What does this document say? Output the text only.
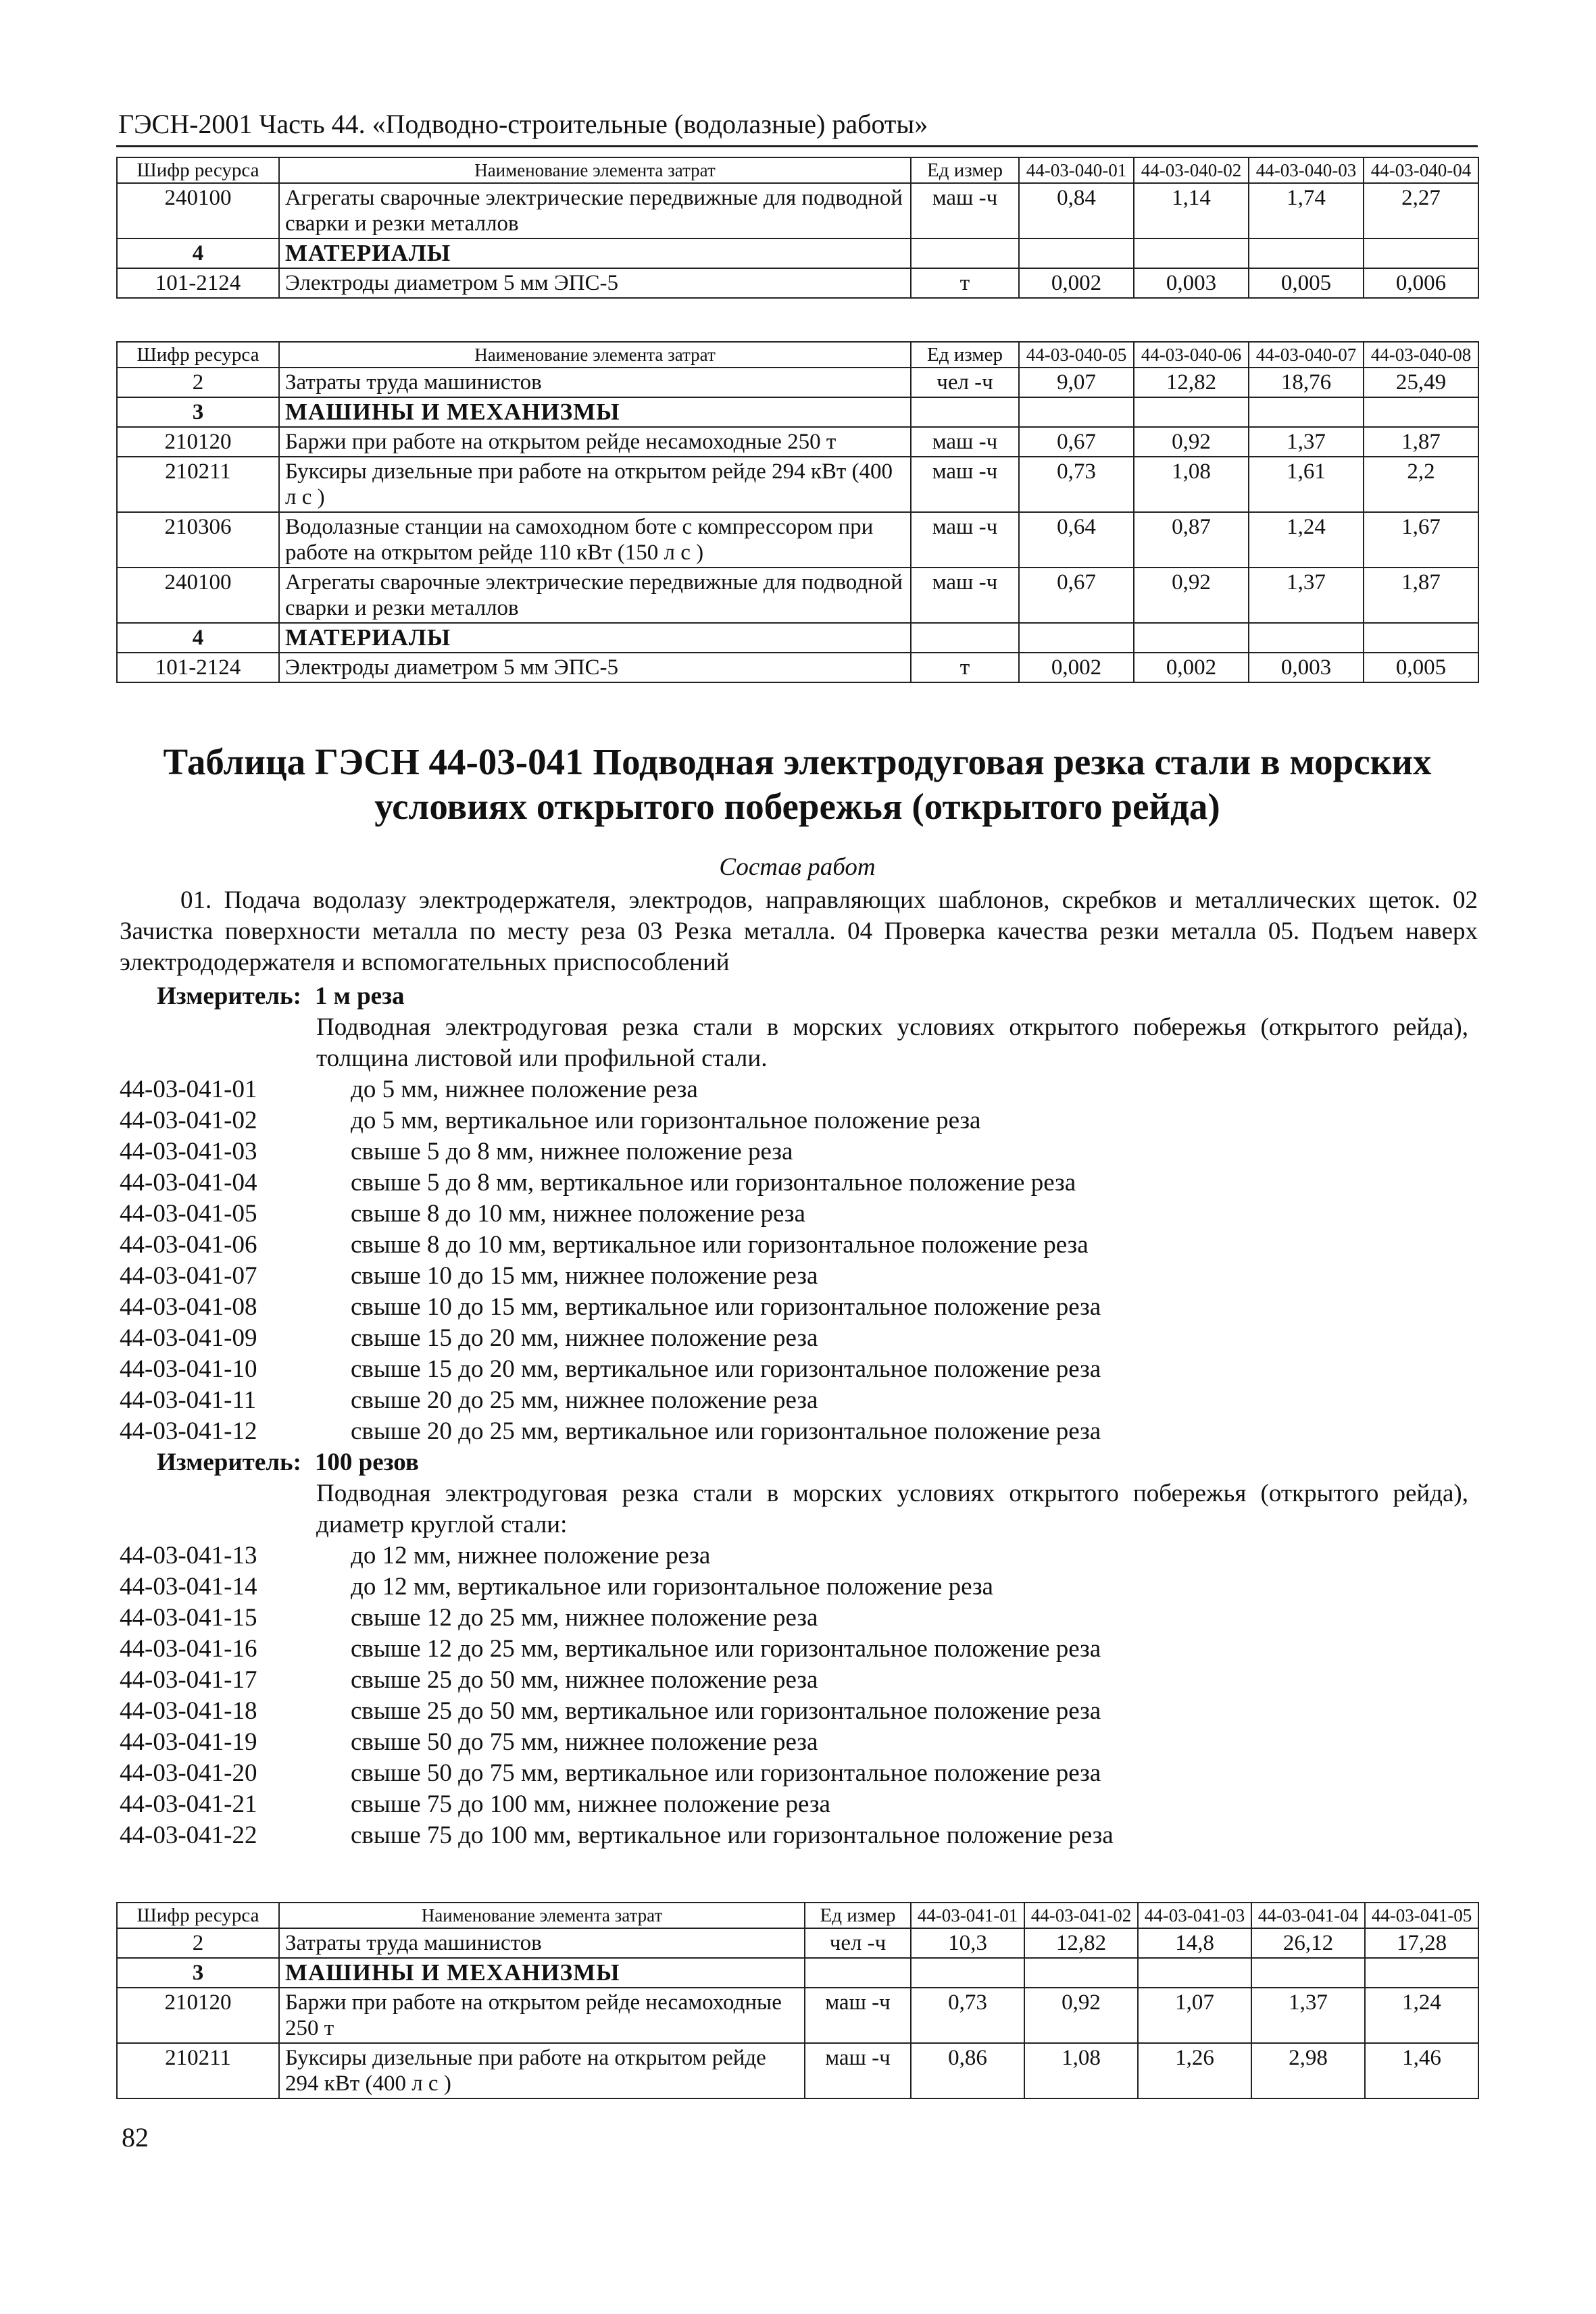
ГЭСН-2001 Часть 44. «Подводно-строительные (водолазные) работы»
Шифр ресурса	Наименование элемента затрат	Ед измер	44-03-040-01	44-03-040-02	44-03-040-03	44-03-040-04
240100	Агрегаты сварочные электрические передвижные для подводной сварки и резки металлов	маш -ч	0,84	1,14	1,74	2,27
4	МАТЕРИАЛЫ					
101-2124	Электроды диаметром 5 мм ЭПС-5	т	0,002	0,003	0,005	0,006
Шифр ресурса	Наименование элемента затрат	Ед измер	44-03-040-05	44-03-040-06	44-03-040-07	44-03-040-08
2	Затраты труда машинистов	чел -ч	9,07	12,82	18,76	25,49
3	МАШИНЫ И МЕХАНИЗМЫ					
210120	Баржи при работе на открытом рейде несамоходные 250 т	маш -ч	0,67	0,92	1,37	1,87
210211	Буксиры дизельные при работе на открытом рейде 294 кВт (400 л с )	маш -ч	0,73	1,08	1,61	2,2
210306	Водолазные станции на самоходном боте с компрессором при работе на открытом рейде 110 кВт (150 л с )	маш -ч	0,64	0,87	1,24	1,67
240100	Агрегаты сварочные электрические передвижные для подводной сварки и резки металлов	маш -ч	0,67	0,92	1,37	1,87
4	МАТЕРИАЛЫ					
101-2124	Электроды диаметром 5 мм ЭПС-5	т	0,002	0,002	0,003	0,005
Таблица ГЭСН 44-03-041 Подводная электродуговая резка стали в морских условиях открытого побережья (открытого рейда)
Состав работ
01. Подача водолазу электродержателя, электродов, направляющих шаблонов, скребков и металлических щеток. 02 Зачистка поверхности металла по месту реза 03 Резка металла. 04 Проверка качества резки металла 05. Подъем наверх электрододержателя и вспомогательных приспособлений
Измеритель: 1 м реза
Подводная электродуговая резка стали в морских условиях открытого побережья (открытого рейда), толщина листовой или профильной стали.
44-03-041-01	до 5 мм, нижнее положение реза
44-03-041-02	до 5 мм, вертикальное или горизонтальное положение реза
44-03-041-03	свыше 5 до 8 мм, нижнее положение реза
44-03-041-04	свыше 5 до 8 мм, вертикальное или горизонтальное положение реза
44-03-041-05	свыше 8 до 10 мм, нижнее положение реза
44-03-041-06	свыше 8 до 10 мм, вертикальное или горизонтальное положение реза
44-03-041-07	свыше 10 до 15 мм, нижнее положение реза
44-03-041-08	свыше 10 до 15 мм, вертикальное или горизонтальное положение реза
44-03-041-09	свыше 15 до 20 мм, нижнее положение реза
44-03-041-10	свыше 15 до 20 мм, вертикальное или горизонтальное положение реза
44-03-041-11	свыше 20 до 25 мм, нижнее положение реза
44-03-041-12	свыше 20 до 25 мм, вертикальное или горизонтальное положение реза
Измеритель: 100 резов
Подводная электродуговая резка стали в морских условиях открытого побережья (открытого рейда), диаметр круглой стали:
44-03-041-13	до 12 мм, нижнее положение реза
44-03-041-14	до 12 мм, вертикальное или горизонтальное положение реза
44-03-041-15	свыше 12 до 25 мм, нижнее положение реза
44-03-041-16	свыше 12 до 25 мм, вертикальное или горизонтальное положение реза
44-03-041-17	свыше 25 до 50 мм, нижнее положение реза
44-03-041-18	свыше 25 до 50 мм, вертикальное или горизонтальное положение реза
44-03-041-19	свыше 50 до 75 мм, нижнее положение реза
44-03-041-20	свыше 50 до 75 мм, вертикальное или горизонтальное положение реза
44-03-041-21	свыше 75 до 100 мм, нижнее положение реза
44-03-041-22	свыше 75 до 100 мм, вертикальное или горизонтальное положение реза
Шифр ресурса	Наименование элемента затрат	Ед измер	44-03-041-01	44-03-041-02	44-03-041-03	44-03-041-04	44-03-041-05
2	Затраты труда машинистов	чел -ч	10,3	12,82	14,8	26,12	17,28
3	МАШИНЫ И МЕХАНИЗМЫ						
210120	Баржи при работе на открытом рейде несамоходные 250 т	маш -ч	0,73	0,92	1,07	1,37	1,24
210211	Буксиры дизельные при работе на открытом рейде 294 кВт (400 л с )	маш -ч	0,86	1,08	1,26	2,98	1,46
82
